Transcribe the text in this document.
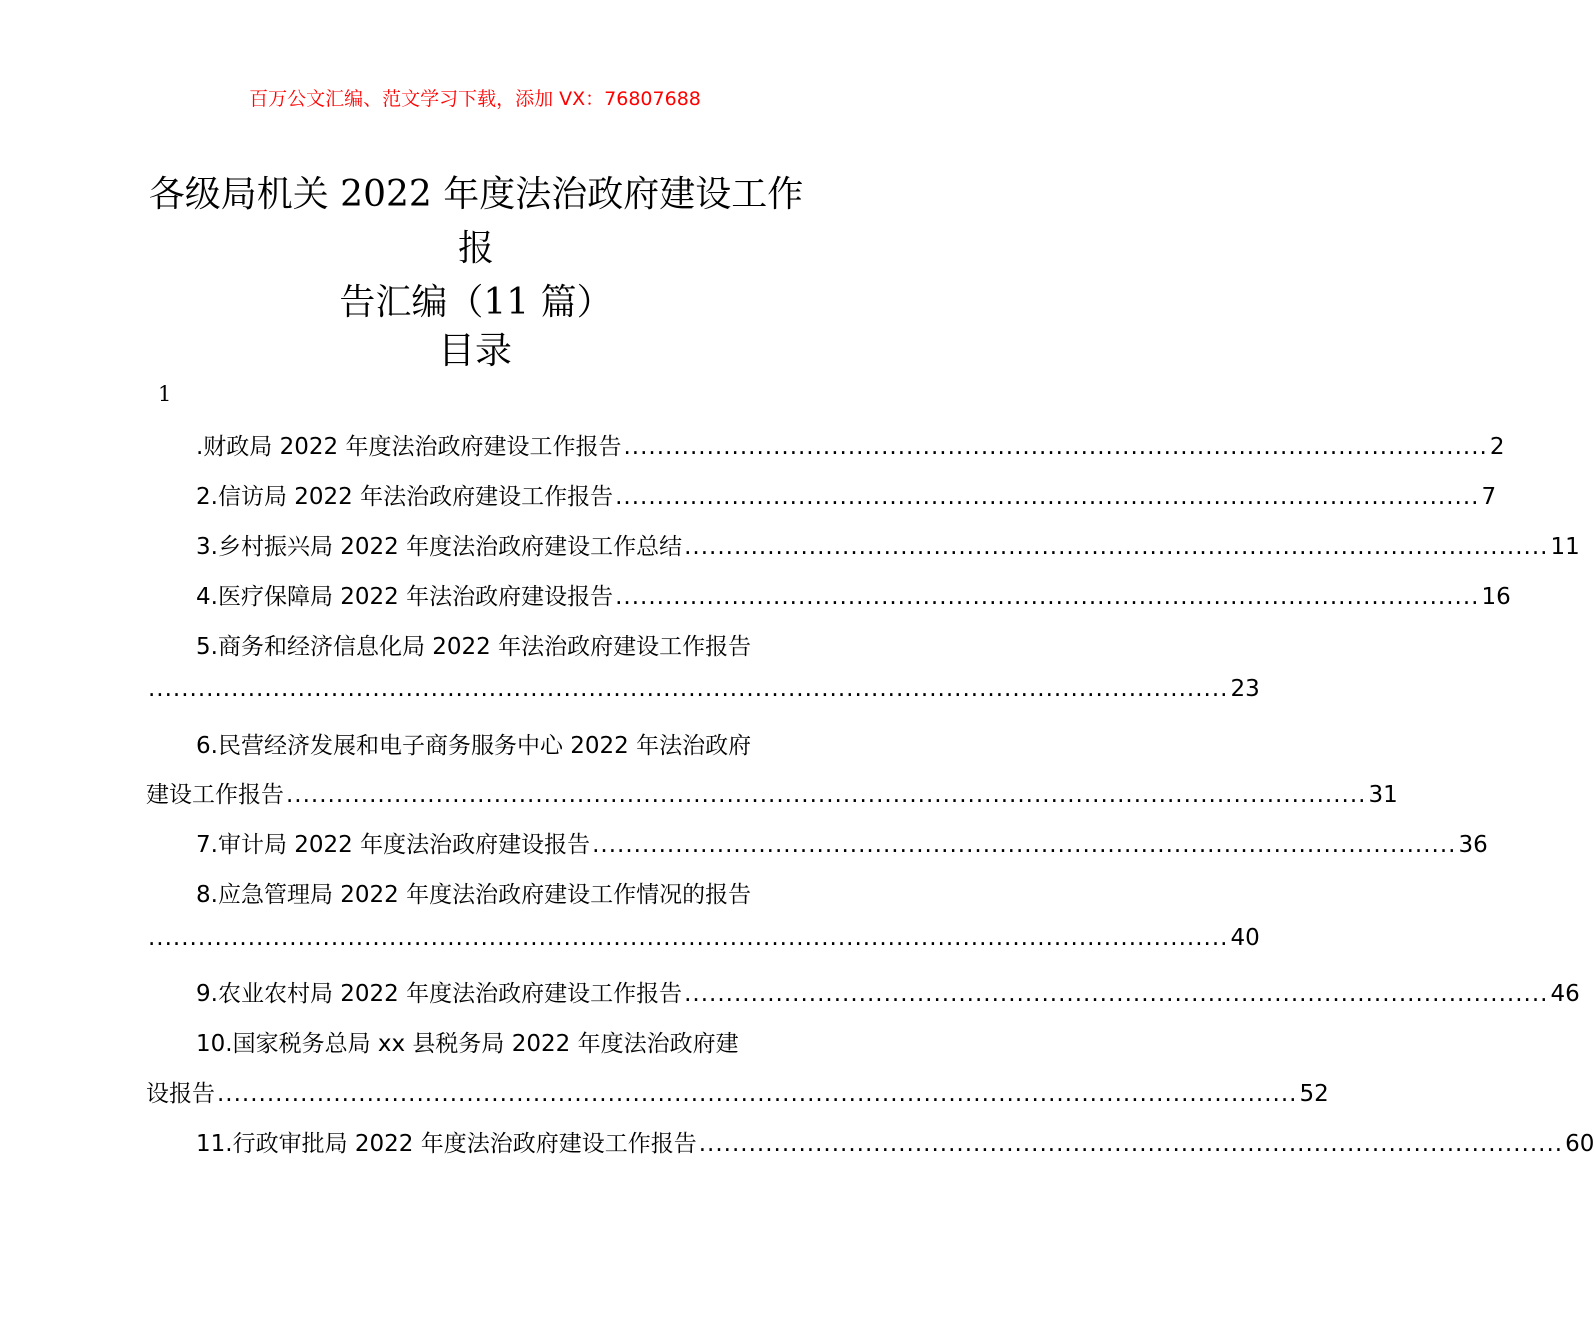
百万公文汇编、范文学习下载，添加 VX：76807688
各级局机关 2022 年度法治政府建设工作报
告汇编（11 篇）
目录
1
.财政局 2022 年度法治政府建设工作报告 ........................................................................................................ 2
2.信访局 2022 年法治政府建设工作报告 ........................................................................................................ 7
3.乡村振兴局 2022 年度法治政府建设工作总结 ........................................................................................................ 11
4.医疗保障局 2022 年法治政府建设报告 ........................................................................................................ 16
5.商务和经济信息化局 2022 年法治政府建设工作报告
.................................................................................................................................. 23
6.民营经济发展和电子商务服务中心 2022 年法治政府
建设工作报告 .................................................................................................................................. 31
7.审计局 2022 年度法治政府建设报告 ........................................................................................................ 36
8.应急管理局 2022 年度法治政府建设工作情况的报告
.................................................................................................................................. 40
9.农业农村局 2022 年度法治政府建设工作报告 ........................................................................................................ 46
10.国家税务总局 xx 县税务局 2022 年度法治政府建
设报告 .................................................................................................................................. 52
11.行政审批局 2022 年度法治政府建设工作报告 ........................................................................................................ 60
